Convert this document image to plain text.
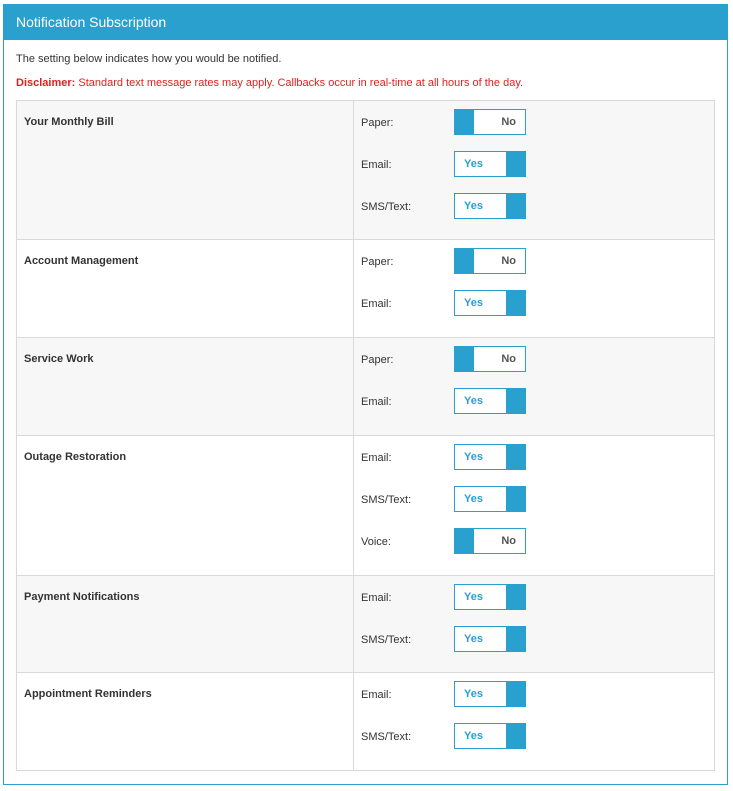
Notification Subscription
The setting below indicates how you would be notified.
Disclaimer: Standard text message rates may apply. Callbacks occur in real-time at all hours of the day.
Your Monthly Bill	Paper:	No
Email:	Yes
SMS/Text:	Yes
Account Management	Paper:	No
Email:	Yes
Service Work	Paper:	No
Email:	Yes
Outage Restoration	Email:	Yes
SMS/Text:	Yes
Voice:	No
Payment Notifications	Email:	Yes
SMS/Text:	Yes
Appointment Reminders	Email:	Yes
SMS/Text:	Yes
